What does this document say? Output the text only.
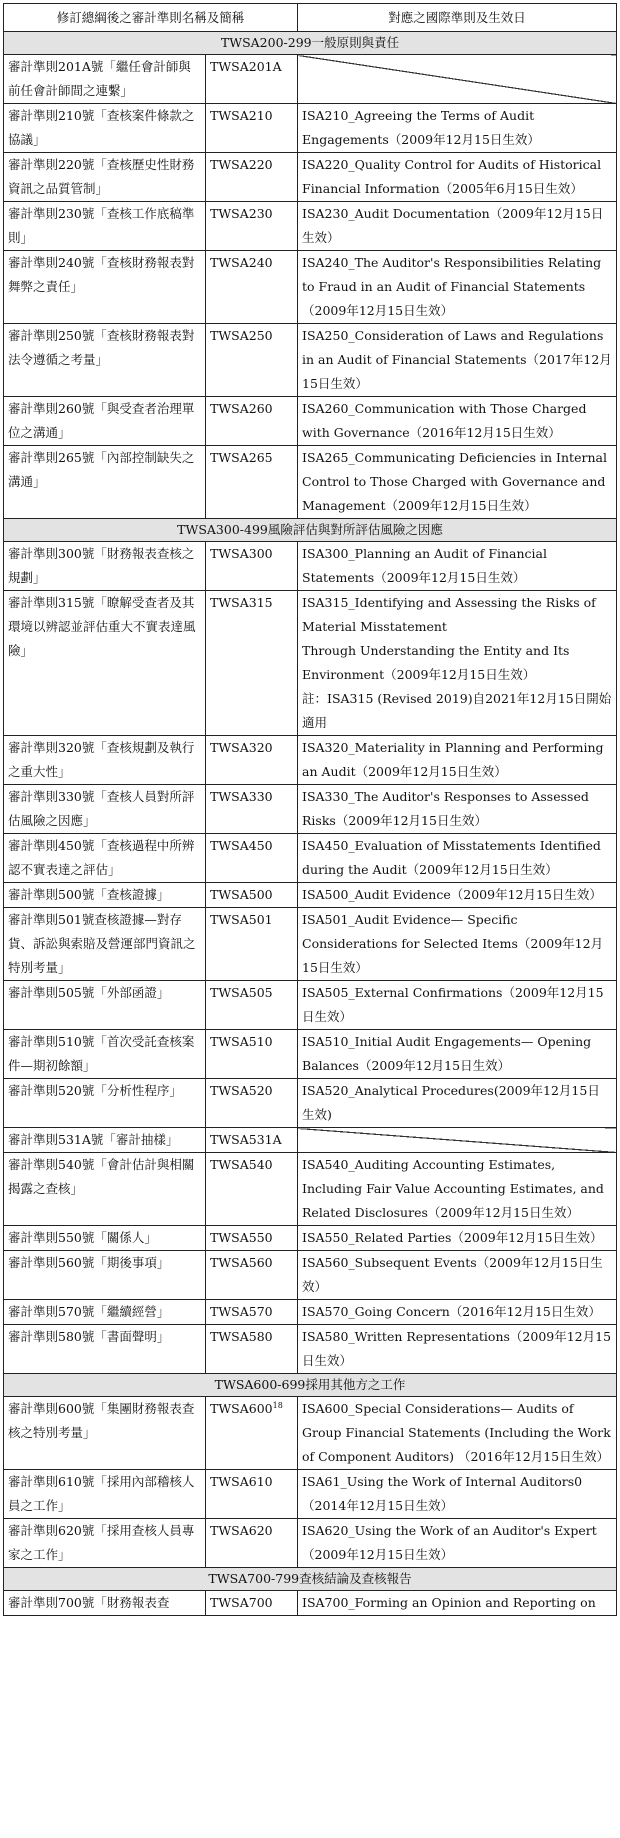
修訂總綱後之審計準則名稱及簡稱		對應之國際準則及生效日
TWSA200-299一般原則與責任		
審計準則201A號「繼任會計師與前任會計師間之連繫」	TWSA201A	
審計準則210號「查核案件條款之協議」	TWSA210	ISA210_Agreeing the Terms of Audit Engagements（2009年12月15日生效）

審計準則220號「查核歷史性財務資訊之品質管制」	TWSA220	ISA220_Quality Control for Audits of Historical Financial Information（2005年6月15日生效）

審計準則230號「查核工作底稿準則」	TWSA230	ISA230_Audit Documentation（2009年12月15日生效）

審計準則240號「查核財務報表對舞弊之責任」	TWSA240	ISA240_The Auditor's Responsibilities Relating to Fraud in an Audit of Financial Statements（2009年12月15日生效）

審計準則250號「查核財務報表對法令遵循之考量」	TWSA250	ISA250_Consideration of Laws and Regulations in an Audit of Financial Statements（2017年12月15日生效）

審計準則260號「與受查者治理單位之溝通」	TWSA260	ISA260_Communication with Those Charged with Governance（2016年12月15日生效）

審計準則265號「內部控制缺失之溝通」	TWSA265	ISA265_Communicating Deficiencies in Internal Control to Those Charged with Governance and Management（2009年12月15日生效）

TWSA300-499風險評估與對所評估風險之因應		
審計準則300號「財務報表查核之規劃」	TWSA300	ISA300_Planning an Audit of Financial Statements（2009年12月15日生效）

審計準則315號「瞭解受查者及其環境以辨認並評估重大不實表達風險」	TWSA315	ISA315_Identifying and Assessing the Risks of Material Misstatement
Through Understanding the Entity and Its Environment（2009年12月15日生效）
註：ISA315 (Revised 2019)自2021年12月15日開始適用

審計準則320號「查核規劃及執行之重大性」	TWSA320	ISA320_Materiality in Planning and Performing an Audit（2009年12月15日生效）

審計準則330號「查核人員對所評估風險之因應」	TWSA330	ISA330_The Auditor's Responses to Assessed Risks（2009年12月15日生效）

審計準則450號「查核過程中所辨認不實表達之評估」	TWSA450	ISA450_Evaluation of Misstatements Identified during the Audit（2009年12月15日生效）

審計準則500號「查核證據」	TWSA500	ISA500_Audit Evidence（2009年12月15日生效）

審計準則501號查核證據—對存貨、訴訟與索賠及營運部門資訊之特別考量」	TWSA501	ISA501_Audit Evidence— Specific Considerations for Selected Items（2009年12月15日生效）

審計準則505號「外部函證」	TWSA505	ISA505_External Confirmations（2009年12月15日生效）

審計準則510號「首次受託查核案件—期初餘額」	TWSA510	ISA510_Initial Audit Engagements— Opening Balances（2009年12月15日生效）

審計準則520號「分析性程序」	TWSA520	ISA520_Analytical Procedures(2009年12月15日生效)

審計準則531A號「審計抽樣」	TWSA531A	
審計準則540號「會計估計與相關揭露之查核」	TWSA540	ISA540_Auditing Accounting Estimates, Including Fair Value Accounting Estimates, and Related Disclosures（2009年12月15日生效）

審計準則550號「關係人」	TWSA550	ISA550_Related Parties（2009年12月15日生效）

審計準則560號「期後事項」	TWSA560	ISA560_Subsequent Events（2009年12月15日生效）

審計準則570號「繼續經營」	TWSA570	ISA570_Going Concern（2016年12月15日生效）

審計準則580號「書面聲明」	TWSA580	ISA580_Written Representations（2009年12月15日生效）

TWSA600-699採用其他方之工作		
審計準則600號「集團財務報表查核之特別考量」	$TWSA600^{18}$	ISA600_Special Considerations— Audits of Group Financial Statements (Including the Work of Component Auditors) （2016年12月15日生效）

審計準則610號「採用內部稽核人員之工作」	TWSA610	ISA61_Using the Work of Internal Auditors0（2014年12月15日生效）

審計準則620號「採用查核人員專家之工作」	TWSA620	ISA620_Using the Work of an Auditor's Expert（2009年12月15日生效）

TWSA700-799查核結論及查核報告		
審計準則700號「財務報表查	TWSA700	ISA700_Forming an Opinion and Reporting on
